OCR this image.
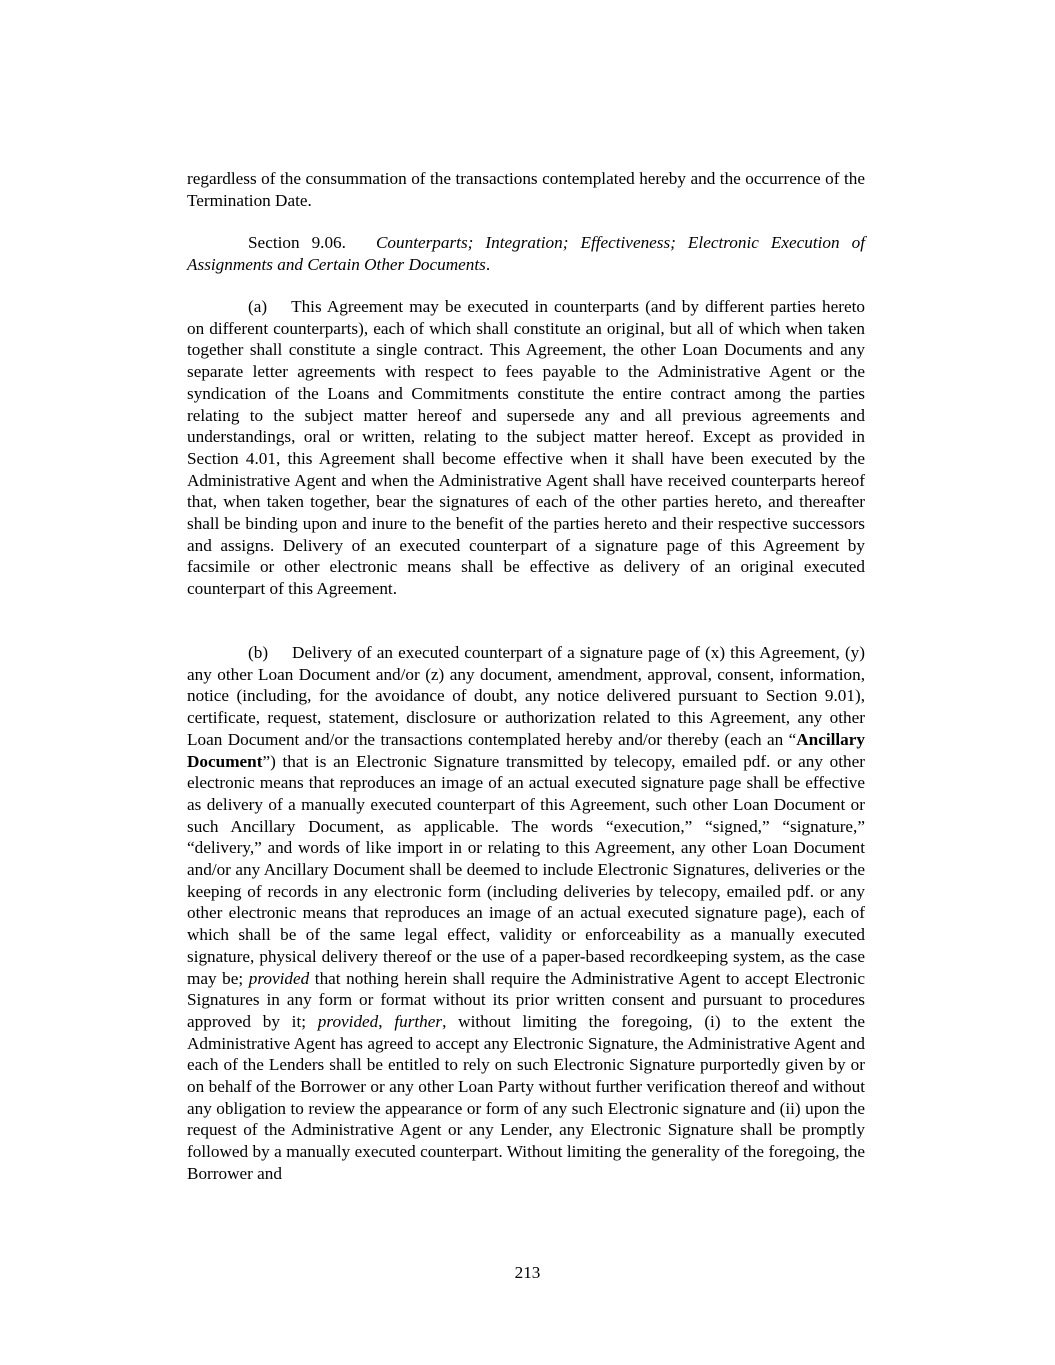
regardless of the consummation of the transactions contemplated hereby and the occurrence of the Termination Date.

Section 9.06. Counterparts; Integration; Effectiveness; Electronic Execution of Assignments and Certain Other Documents.

(a) This Agreement may be executed in counterparts (and by different parties hereto on different counterparts), each of which shall constitute an original, but all of which when taken together shall constitute a single contract. This Agreement, the other Loan Documents and any separate letter agreements with respect to fees payable to the Administrative Agent or the syndication of the Loans and Commitments constitute the entire contract among the parties relating to the subject matter hereof and supersede any and all previous agreements and understandings, oral or written, relating to the subject matter hereof. Except as provided in Section 4.01, this Agreement shall become effective when it shall have been executed by the Administrative Agent and when the Administrative Agent shall have received counterparts hereof that, when taken together, bear the signatures of each of the other parties hereto, and thereafter shall be binding upon and inure to the benefit of the parties hereto and their respective successors and assigns. Delivery of an executed counterpart of a signature page of this Agreement by facsimile or other electronic means shall be effective as delivery of an original executed counterpart of this Agreement.

(b) Delivery of an executed counterpart of a signature page of (x) this Agreement, (y) any other Loan Document and/or (z) any document, amendment, approval, consent, information, notice (including, for the avoidance of doubt, any notice delivered pursuant to Section 9.01), certificate, request, statement, disclosure or authorization related to this Agreement, any other Loan Document and/or the transactions contemplated hereby and/or thereby (each an “Ancillary Document”) that is an Electronic Signature transmitted by telecopy, emailed pdf. or any other electronic means that reproduces an image of an actual executed signature page shall be effective as delivery of a manually executed counterpart of this Agreement, such other Loan Document or such Ancillary Document, as applicable. The words “execution,” “signed,” “signature,” “delivery,” and words of like import in or relating to this Agreement, any other Loan Document and/or any Ancillary Document shall be deemed to include Electronic Signatures, deliveries or the keeping of records in any electronic form (including deliveries by telecopy, emailed pdf. or any other electronic means that reproduces an image of an actual executed signature page), each of which shall be of the same legal effect, validity or enforceability as a manually executed signature, physical delivery thereof or the use of a paper-based recordkeeping system, as the case may be; provided that nothing herein shall require the Administrative Agent to accept Electronic Signatures in any form or format without its prior written consent and pursuant to procedures approved by it; provided, further, without limiting the foregoing, (i) to the extent the Administrative Agent has agreed to accept any Electronic Signature, the Administrative Agent and each of the Lenders shall be entitled to rely on such Electronic Signature purportedly given by or on behalf of the Borrower or any other Loan Party without further verification thereof and without any obligation to review the appearance or form of any such Electronic signature and (ii) upon the request of the Administrative Agent or any Lender, any Electronic Signature shall be promptly followed by a manually executed counterpart. Without limiting the generality of the foregoing, the Borrower and

213
